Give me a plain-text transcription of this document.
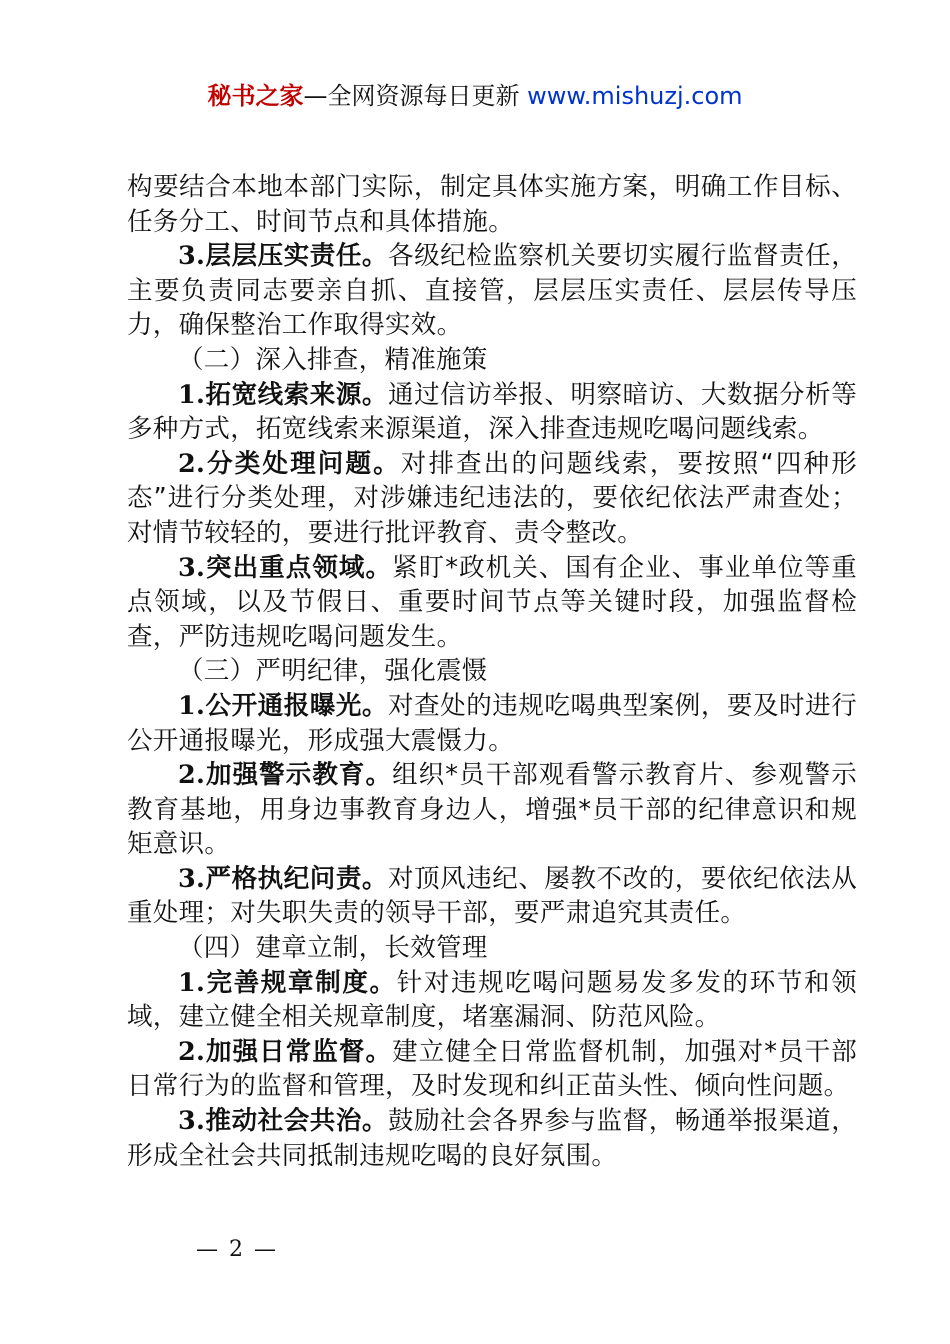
秘书之家—全网资源每日更新 www.mishuzj.com

构要结合本地本部门实际，制定具体实施方案，明确工作目标、任务分工、时间节点和具体措施。

3.层层压实责任。各级纪检监察机关要切实履行监督责任，主要负责同志要亲自抓、直接管，层层压实责任、层层传导压力，确保整治工作取得实效。

（二）深入排查，精准施策

1.拓宽线索来源。通过信访举报、明察暗访、大数据分析等多种方式，拓宽线索来源渠道，深入排查违规吃喝问题线索。

2.分类处理问题。对排查出的问题线索，要按照“四种形态”进行分类处理，对涉嫌违纪违法的，要依纪依法严肃查处；对情节较轻的，要进行批评教育、责令整改。

3.突出重点领域。紧盯*政机关、国有企业、事业单位等重点领域，以及节假日、重要时间节点等关键时段，加强监督检查，严防违规吃喝问题发生。

（三）严明纪律，强化震慑

1.公开通报曝光。对查处的违规吃喝典型案例，要及时进行公开通报曝光，形成强大震慑力。

2.加强警示教育。组织*员干部观看警示教育片、参观警示教育基地，用身边事教育身边人，增强*员干部的纪律意识和规矩意识。

3.严格执纪问责。对顶风违纪、屡教不改的，要依纪依法从重处理；对失职失责的领导干部，要严肃追究其责任。

（四）建章立制，长效管理

1.完善规章制度。针对违规吃喝问题易发多发的环节和领域，建立健全相关规章制度，堵塞漏洞、防范风险。

2.加强日常监督。建立健全日常监督机制，加强对*员干部日常行为的监督和管理，及时发现和纠正苗头性、倾向性问题。

3.推动社会共治。鼓励社会各界参与监督，畅通举报渠道，形成全社会共同抵制违规吃喝的良好氛围。

— 2 —
